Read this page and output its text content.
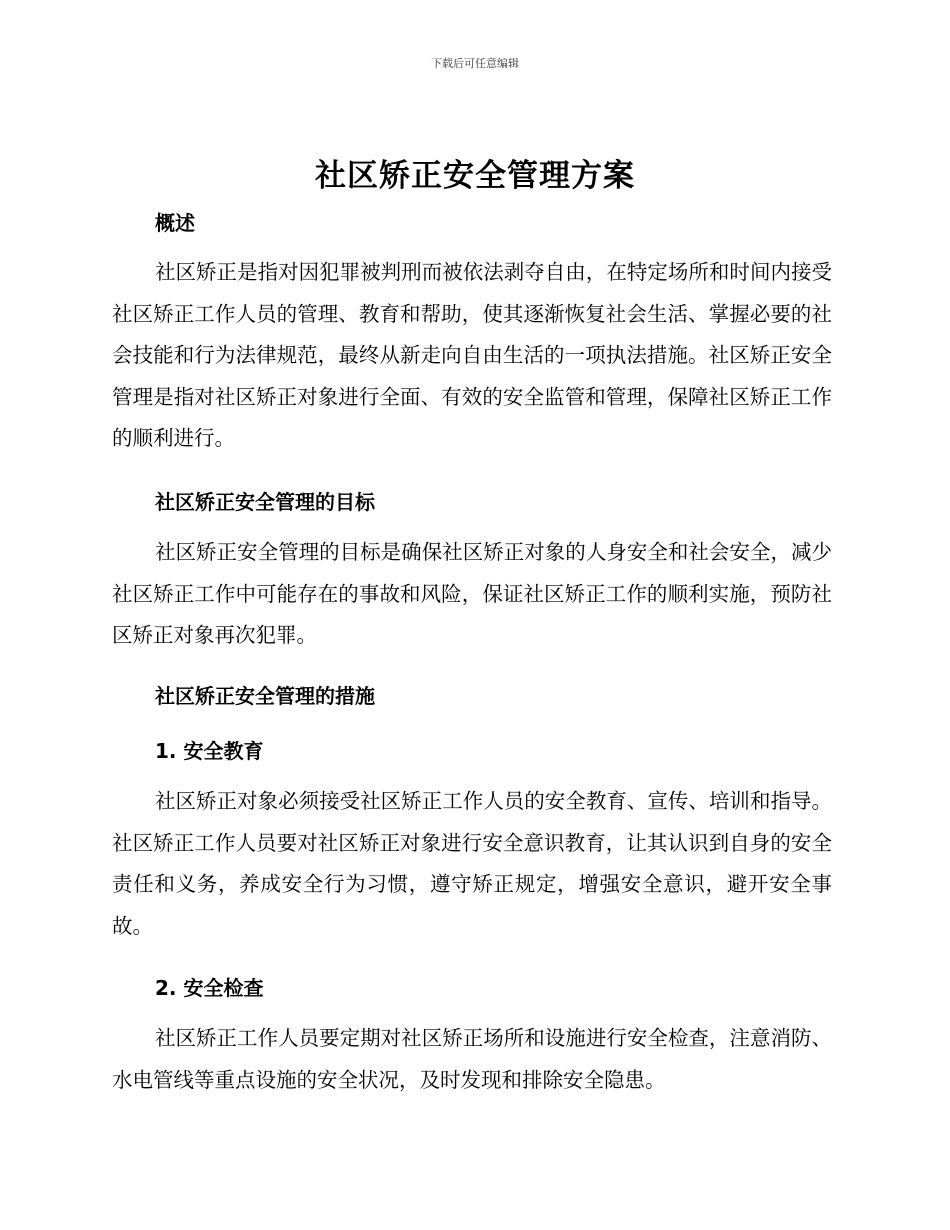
下载后可任意编辑
社区矫正安全管理方案
概述
社区矫正是指对因犯罪被判刑而被依法剥夺自由，在特定场所和时间内接受社区矫正工作人员的管理、教育和帮助，使其逐渐恢复社会生活、掌握必要的社会技能和行为法律规范，最终从新走向自由生活的一项执法措施。社区矫正安全管理是指对社区矫正对象进行全面、有效的安全监管和管理，保障社区矫正工作的顺利进行。
社区矫正安全管理的目标
社区矫正安全管理的目标是确保社区矫正对象的人身安全和社会安全，减少社区矫正工作中可能存在的事故和风险，保证社区矫正工作的顺利实施，预防社区矫正对象再次犯罪。
社区矫正安全管理的措施
1. 安全教育
社区矫正对象必须接受社区矫正工作人员的安全教育、宣传、培训和指导。社区矫正工作人员要对社区矫正对象进行安全意识教育，让其认识到自身的安全责任和义务，养成安全行为习惯，遵守矫正规定，增强安全意识，避开安全事故。
2. 安全检查
社区矫正工作人员要定期对社区矫正场所和设施进行安全检查，注意消防、水电管线等重点设施的安全状况，及时发现和排除安全隐患。
